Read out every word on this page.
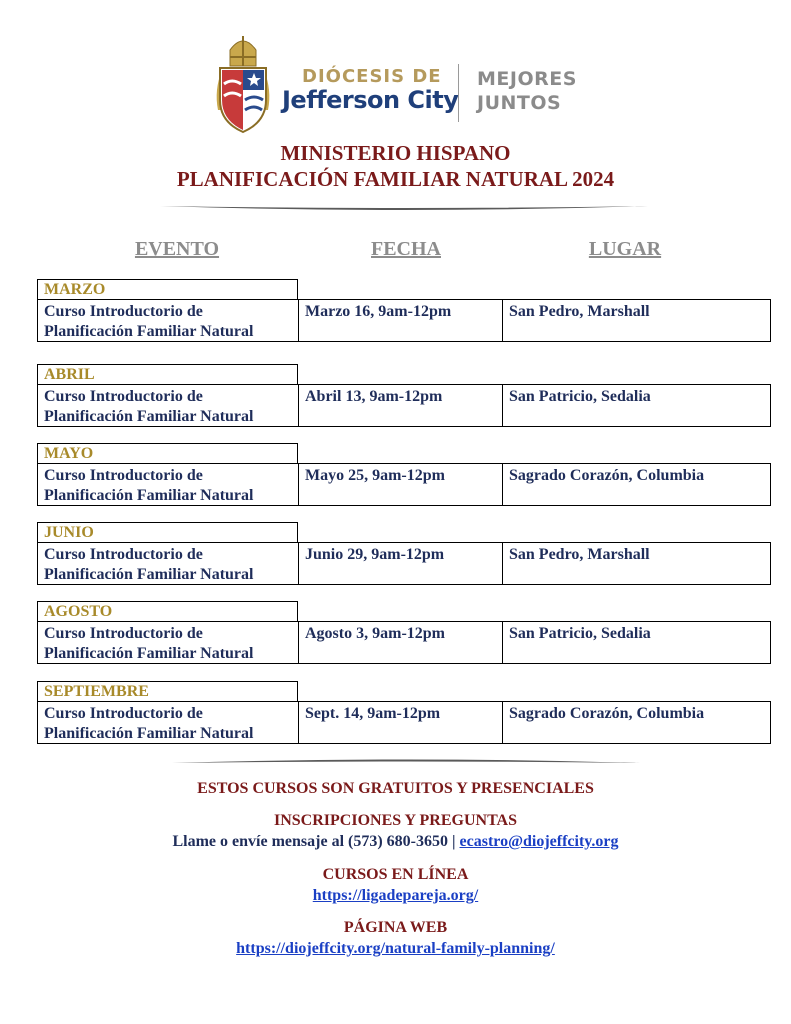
DIÓCESIS DE
Jefferson City
MEJORES
JUNTOS
MINISTERIO HISPANO
PLANIFICACIÓN FAMILIAR NATURAL 2024
EVENTO	FECHA	LUGAR
MARZO
Curso Introductorio de
Planificación Familiar Natural
Marzo 16, 9am-12pm	San Pedro, Marshall
ABRIL
Curso Introductorio de
Planificación Familiar Natural
Abril 13, 9am-12pm	San Patricio, Sedalia
MAYO
Curso Introductorio de
Planificación Familiar Natural
Mayo 25, 9am-12pm	Sagrado Corazón, Columbia
JUNIO
Curso Introductorio de
Planificación Familiar Natural
Junio 29, 9am-12pm	San Pedro, Marshall
AGOSTO
Curso Introductorio de
Planificación Familiar Natural
Agosto 3, 9am-12pm	San Patricio, Sedalia
SEPTIEMBRE
Curso Introductorio de
Planificación Familiar Natural
Sept. 14, 9am-12pm	Sagrado Corazón, Columbia
ESTOS CURSOS SON GRATUITOS Y PRESENCIALES
INSCRIPCIONES Y PREGUNTAS
Llame o envíe mensaje al (573) 680-3650 | ecastro@diojeffcity.org
CURSOS EN LÍNEA
https://ligadepareja.org/
PÁGINA WEB
https://diojeffcity.org/natural-family-planning/
